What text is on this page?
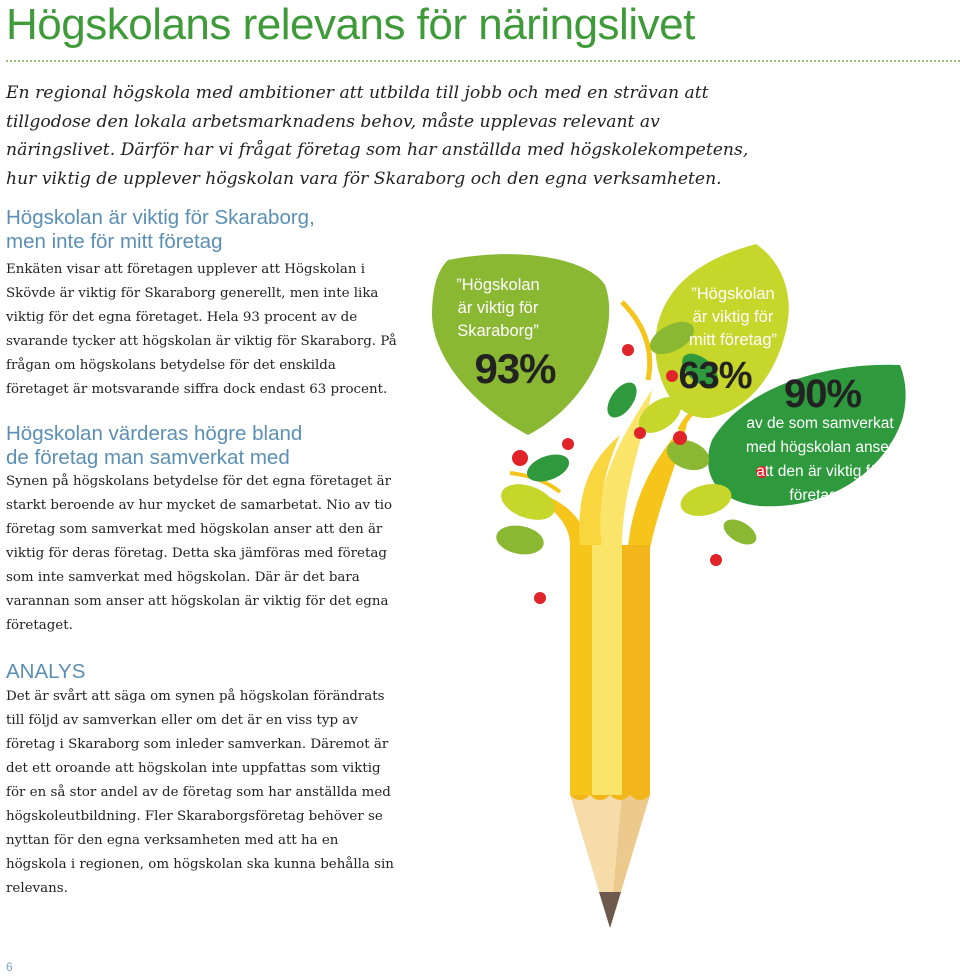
Högskolans relevans för näringslivet

En regional högskola med ambitioner att utbilda till jobb och med en strävan att tillgodose den lokala arbetsmarknadens behov, måste upplevas relevant av näringslivet. Därför har vi frågat företag som har anställda med högskolekompetens, hur viktig de upplever högskolan vara för Skaraborg och den egna verksamheten.

Högskolan är viktig för Skaraborg,
men inte för mitt företag

Enkäten visar att företagen upplever att Högskolan i Skövde är viktig för Skaraborg generellt, men inte lika viktig för det egna företaget. Hela 93 procent av de svarande tycker att högskolan är viktig för Skaraborg. På frågan om högskolans betydelse för det enskilda företaget är motsvarande siffra dock endast 63 procent.

Högskolan värderas högre bland
de företag man samverkat med

Synen på högskolans betydelse för det egna företaget är starkt beroende av hur mycket de samarbetat. Nio av tio företag som samverkat med högskolan anser att den är viktig för deras företag. Detta ska jämföras med företag som inte samverkat med högskolan. Där är det bara varannan som anser att högskolan är viktig för det egna företaget.

ANALYS

Det är svårt att säga om synen på högskolan förändrats till följd av samverkan eller om det är en viss typ av företag i Skaraborg som inleder samverkan. Däremot är det ett oroande att högskolan inte uppfattas som viktig för en så stor andel av de företag som har anställda med högskoleutbildning. Fler Skaraborgsföretag behöver se nyttan för den egna verksamheten med att ha en högskola i regionen, om högskolan ska kunna behålla sin relevans.

6
”Högskolan
är viktig för
Skaraborg”
93%
”Högskolan
är viktig för
mitt företag”
63% 90%
av de som samverkat
med högskolan anser
att den är viktig för
företaget
